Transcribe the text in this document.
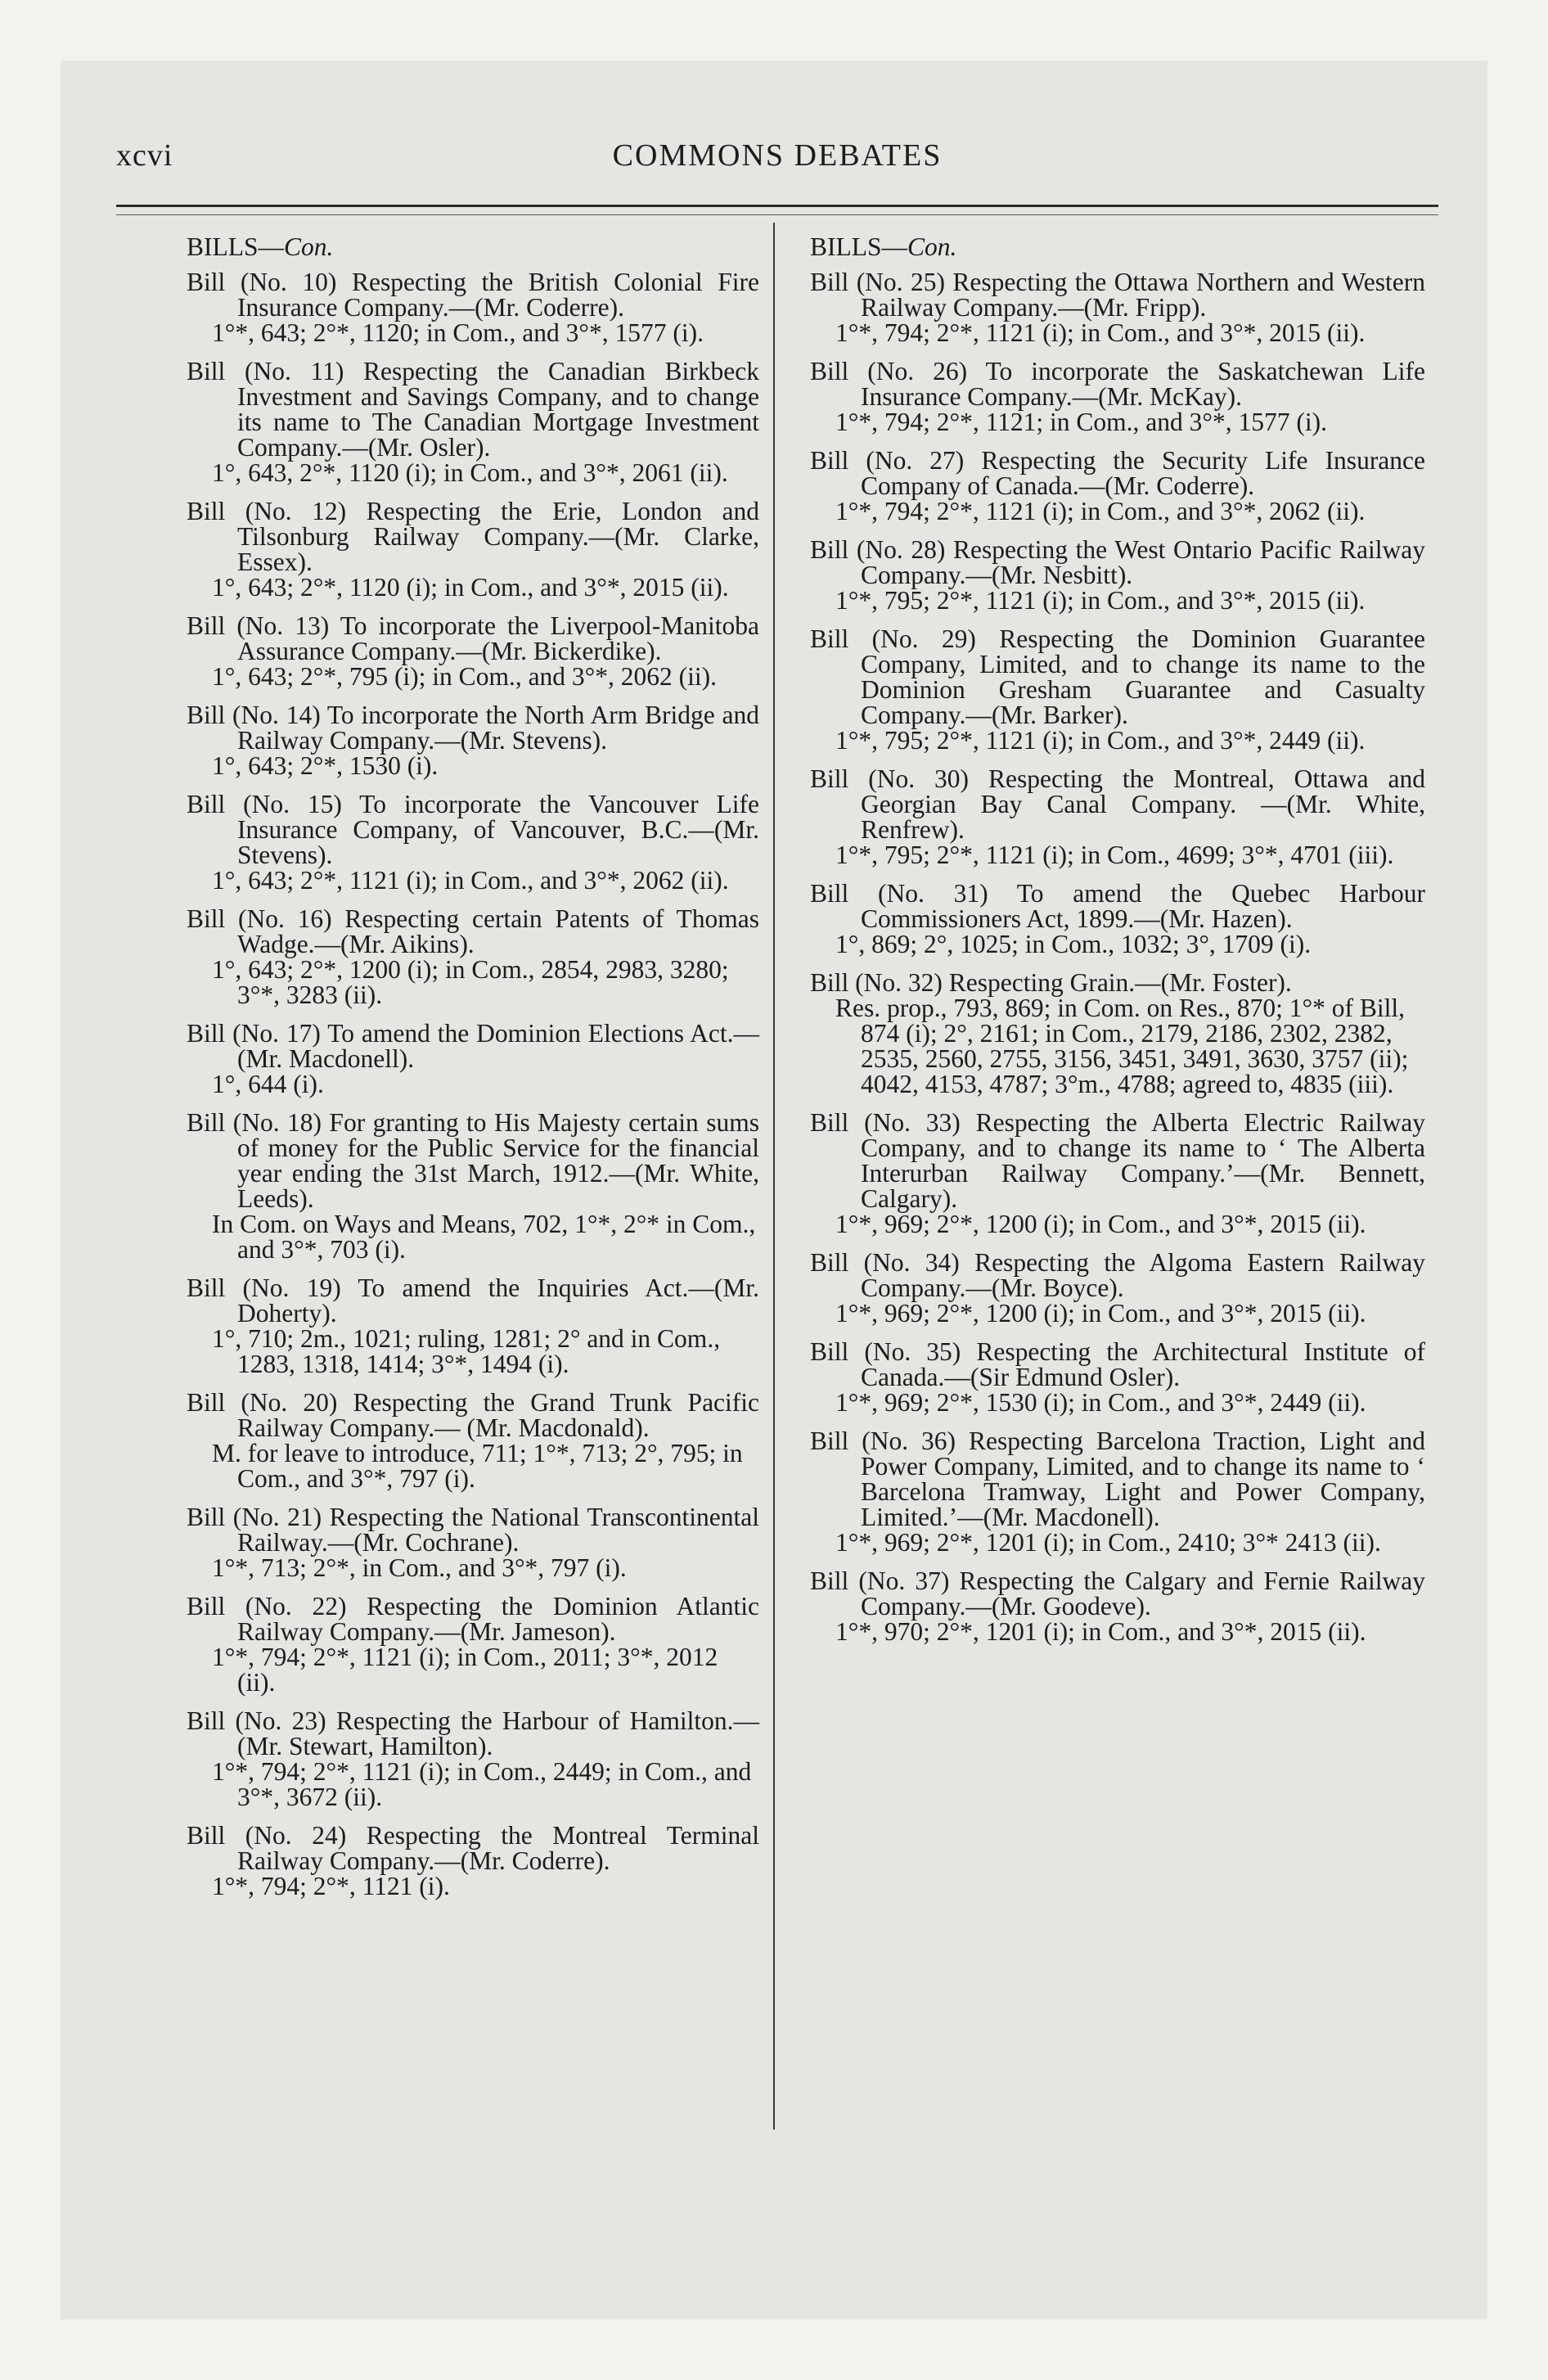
xcvi	COMMONS DEBATES
BILLS—Con.
Bill (No. 10) Respecting the British Colonial Fire Insurance Company.—(Mr. Coderre).
1°*, 643; 2°*, 1120; in Com., and 3°*, 1577 (i).
Bill (No. 11) Respecting the Canadian Birkbeck Investment and Savings Company, and to change its name to The Canadian Mortgage Investment Company.—(Mr. Osler).
1°, 643, 2°*, 1120 (i); in Com., and 3°*, 2061 (ii).
Bill (No. 12) Respecting the Erie, London and Tilsonburg Railway Company.—(Mr. Clarke, Essex).
1°, 643; 2°*, 1120 (i); in Com., and 3°*, 2015 (ii).
Bill (No. 13) To incorporate the Liverpool-Manitoba Assurance Company.—(Mr. Bickerdike).
1°, 643; 2°*, 795 (i); in Com., and 3°*, 2062 (ii).
Bill (No. 14) To incorporate the North Arm Bridge and Railway Company.—(Mr. Stevens).
1°, 643; 2°*, 1530 (i).
Bill (No. 15) To incorporate the Vancouver Life Insurance Company, of Vancouver, B.C.—(Mr. Stevens).
1°, 643; 2°*, 1121 (i); in Com., and 3°*, 2062 (ii).
Bill (No. 16) Respecting certain Patents of Thomas Wadge.—(Mr. Aikins).
1°, 643; 2°*, 1200 (i); in Com., 2854, 2983, 3280; 3°*, 3283 (ii).
Bill (No. 17) To amend the Dominion Elections Act.—(Mr. Macdonell).
1°, 644 (i).
Bill (No. 18) For granting to His Majesty certain sums of money for the Public Service for the financial year ending the 31st March, 1912.—(Mr. White, Leeds).
In Com. on Ways and Means, 702, 1°*, 2°* in Com., and 3°*, 703 (i).
Bill (No. 19) To amend the Inquiries Act.—(Mr. Doherty).
1°, 710; 2m., 1021; ruling, 1281; 2° and in Com., 1283, 1318, 1414; 3°*, 1494 (i).
Bill (No. 20) Respecting the Grand Trunk Pacific Railway Company.— (Mr. Macdonald).
M. for leave to introduce, 711; 1°*, 713; 2°, 795; in Com., and 3°*, 797 (i).
Bill (No. 21) Respecting the National Transcontinental Railway.—(Mr. Cochrane).
1°*, 713; 2°*, in Com., and 3°*, 797 (i).
Bill (No. 22) Respecting the Dominion Atlantic Railway Company.—(Mr. Jameson).
1°*, 794; 2°*, 1121 (i); in Com., 2011; 3°*, 2012 (ii).
Bill (No. 23) Respecting the Harbour of Hamilton.—(Mr. Stewart, Hamilton).
1°*, 794; 2°*, 1121 (i); in Com., 2449; in Com., and 3°*, 3672 (ii).
Bill (No. 24) Respecting the Montreal Terminal Railway Company.—(Mr. Coderre).
1°*, 794; 2°*, 1121 (i).
BILLS—Con.
Bill (No. 25) Respecting the Ottawa Northern and Western Railway Company.—(Mr. Fripp).
1°*, 794; 2°*, 1121 (i); in Com., and 3°*, 2015 (ii).
Bill (No. 26) To incorporate the Saskatchewan Life Insurance Company.—(Mr. McKay).
1°*, 794; 2°*, 1121; in Com., and 3°*, 1577 (i).
Bill (No. 27) Respecting the Security Life Insurance Company of Canada.—(Mr. Coderre).
1°*, 794; 2°*, 1121 (i); in Com., and 3°*, 2062 (ii).
Bill (No. 28) Respecting the West Ontario Pacific Railway Company.—(Mr. Nesbitt).
1°*, 795; 2°*, 1121 (i); in Com., and 3°*, 2015 (ii).
Bill (No. 29) Respecting the Dominion Guarantee Company, Limited, and to change its name to the Dominion Gresham Guarantee and Casualty Company.—(Mr. Barker).
1°*, 795; 2°*, 1121 (i); in Com., and 3°*, 2449 (ii).
Bill (No. 30) Respecting the Montreal, Ottawa and Georgian Bay Canal Company. —(Mr. White, Renfrew).
1°*, 795; 2°*, 1121 (i); in Com., 4699; 3°*, 4701 (iii).
Bill (No. 31) To amend the Quebec Harbour Commissioners Act, 1899.—(Mr. Hazen).
1°, 869; 2°, 1025; in Com., 1032; 3°, 1709 (i).
Bill (No. 32) Respecting Grain.—(Mr. Foster).
Res. prop., 793, 869; in Com. on Res., 870; 1°* of Bill, 874 (i); 2°, 2161; in Com., 2179, 2186, 2302, 2382, 2535, 2560, 2755, 3156, 3451, 3491, 3630, 3757 (ii); 4042, 4153, 4787; 3°m., 4788; agreed to, 4835 (iii).
Bill (No. 33) Respecting the Alberta Electric Railway Company, and to change its name to ‘ The Alberta Interurban Railway Company.’—(Mr. Bennett, Calgary).
1°*, 969; 2°*, 1200 (i); in Com., and 3°*, 2015 (ii).
Bill (No. 34) Respecting the Algoma Eastern Railway Company.—(Mr. Boyce).
1°*, 969; 2°*, 1200 (i); in Com., and 3°*, 2015 (ii).
Bill (No. 35) Respecting the Architectural Institute of Canada.—(Sir Edmund Osler).
1°*, 969; 2°*, 1530 (i); in Com., and 3°*, 2449 (ii).
Bill (No. 36) Respecting Barcelona Traction, Light and Power Company, Limited, and to change its name to ‘ Barcelona Tramway, Light and Power Company, Limited.’—(Mr. Macdonell).
1°*, 969; 2°*, 1201 (i); in Com., 2410; 3°* 2413 (ii).
Bill (No. 37) Respecting the Calgary and Fernie Railway Company.—(Mr. Goodeve).
1°*, 970; 2°*, 1201 (i); in Com., and 3°*, 2015 (ii).
